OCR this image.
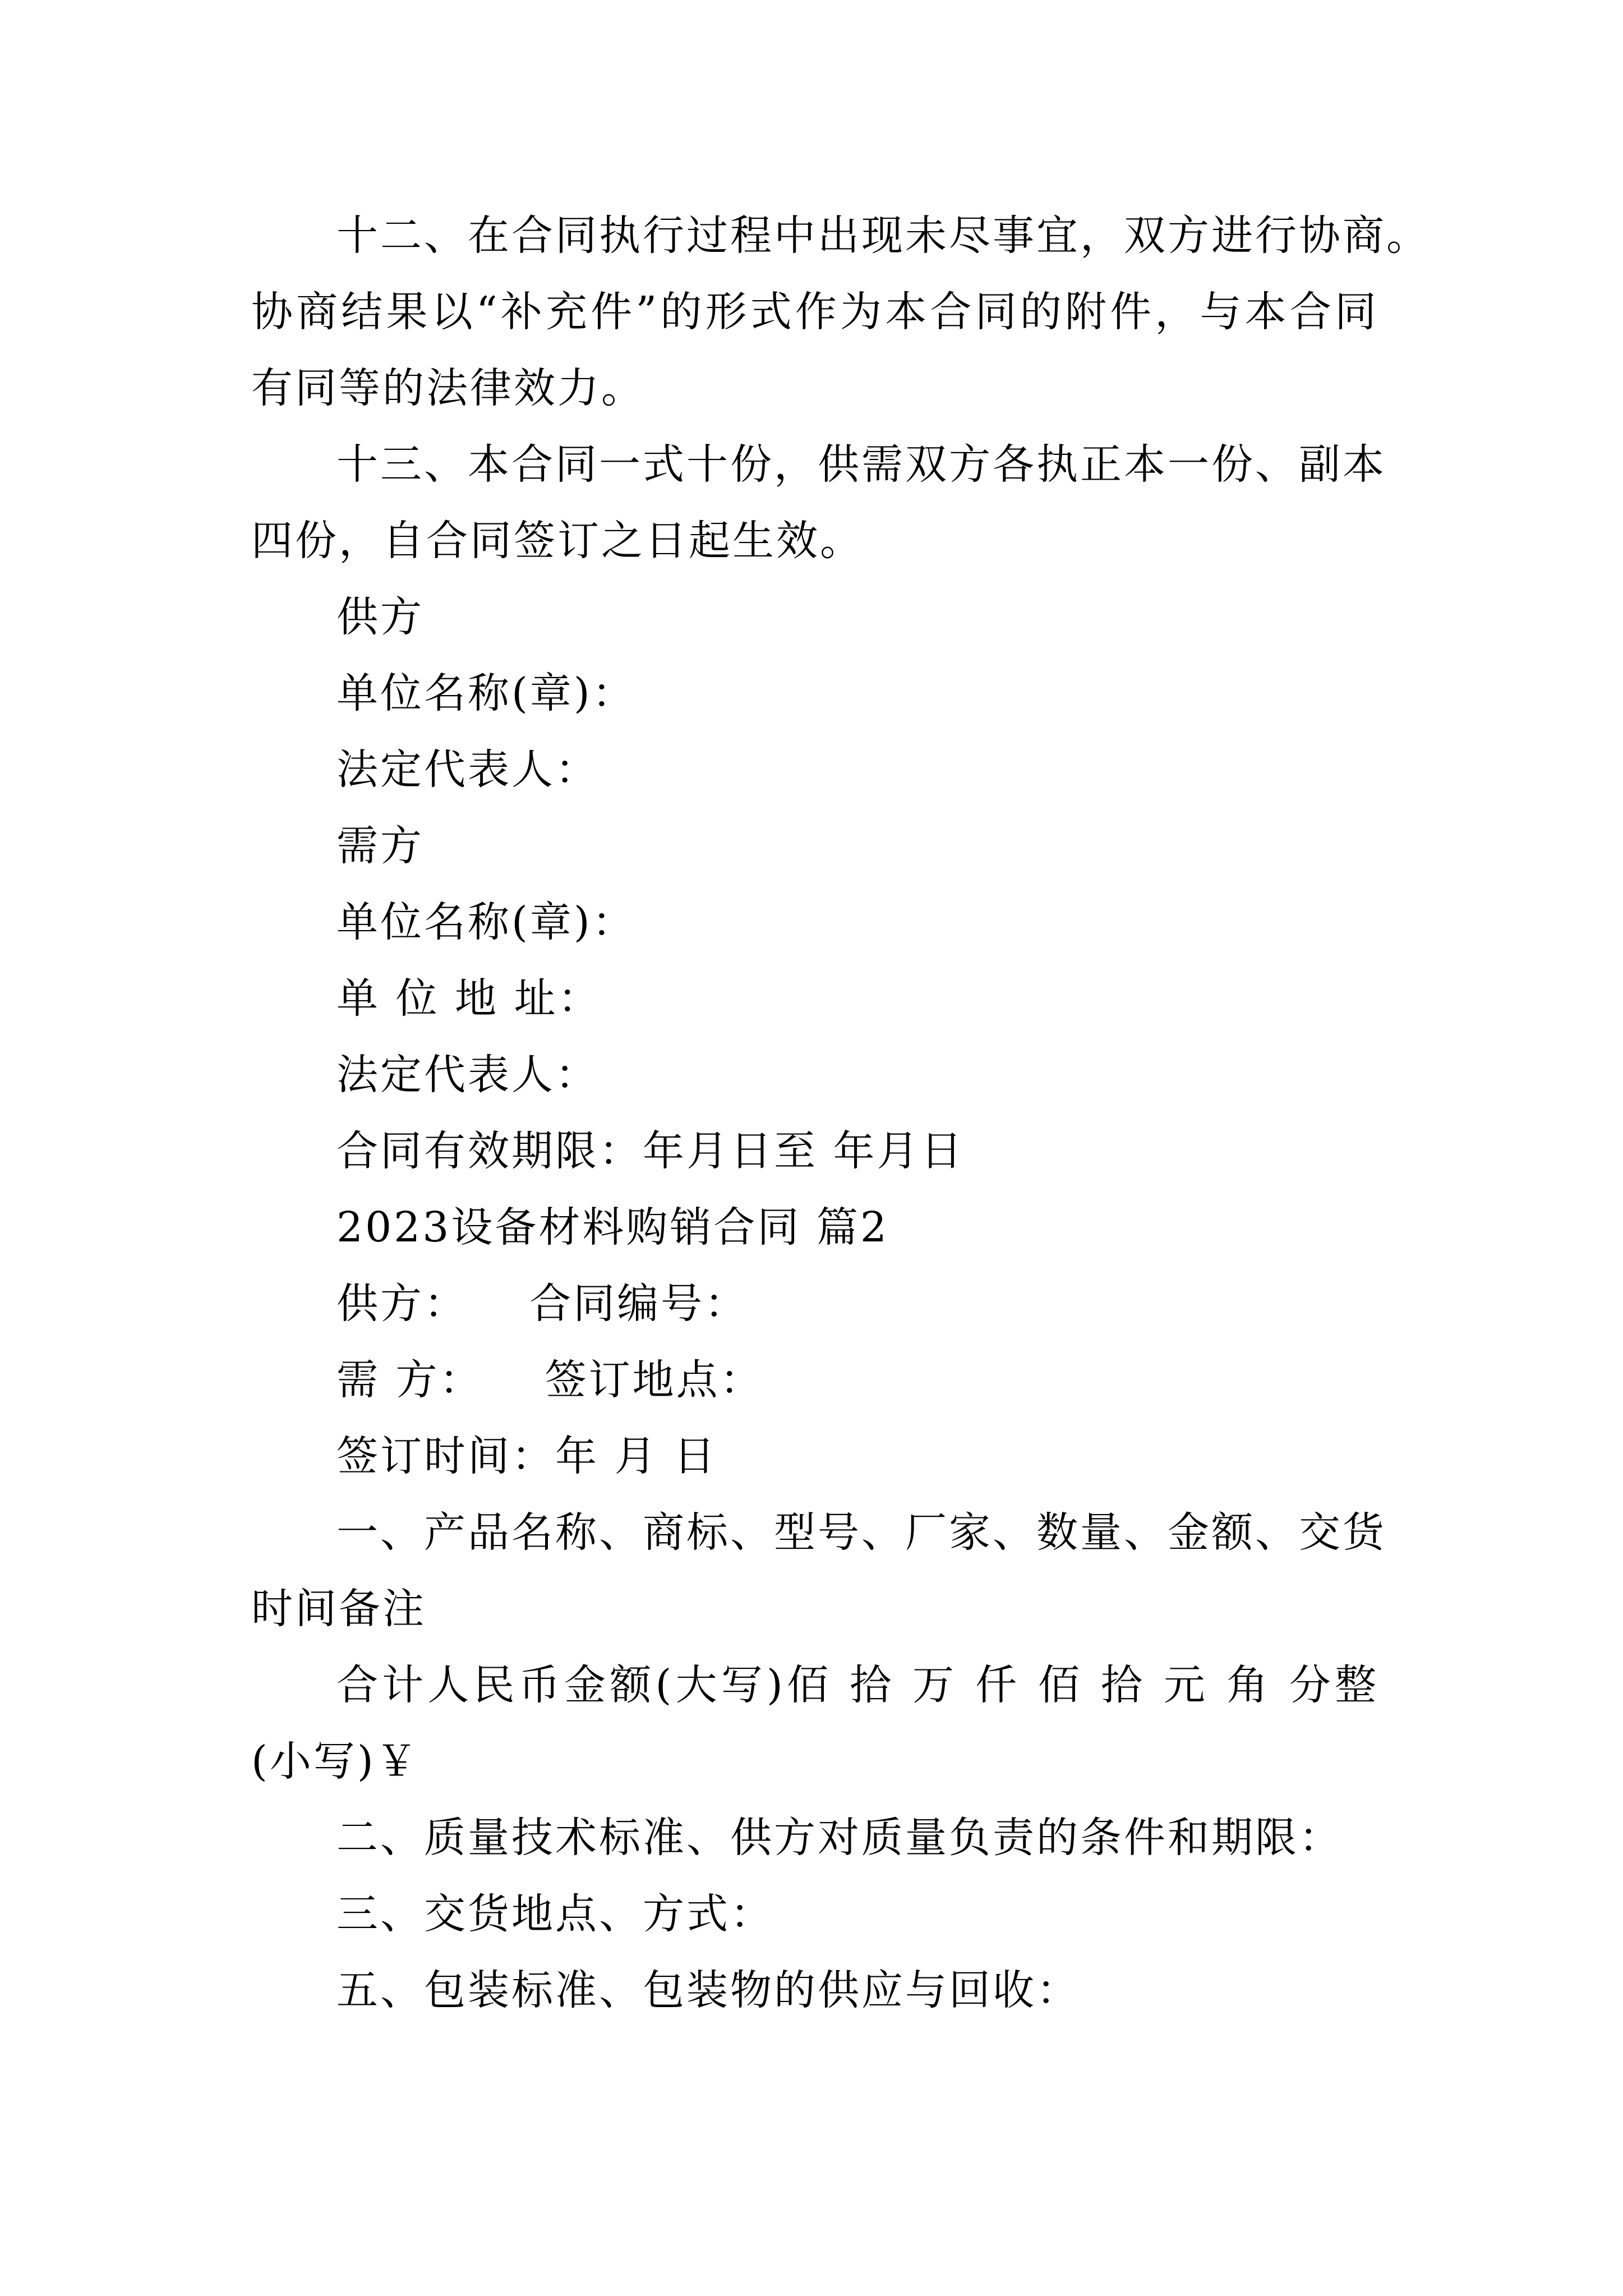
十二、在合同执行过程中出现未尽事宜，双方进行协商。
协商结果以“补充件”的形式作为本合同的附件，与本合同
有同等的法律效力。
十三、本合同一式十份，供需双方各执正本一份、副本
四份，自合同签订之日起生效。
供方
单位名称(章)：
法定代表人：
需方
单位名称(章)：
单 位 地 址：
法定代表人：
合同有效期限：年月日至 年月日
2023设备材料购销合同 篇2
供方：    合同编号：
需 方：    签订地点：
签订时间：年 月 日
一、产品名称、商标、型号、厂家、数量、金额、交货
时间备注
合计人民币金额(大写)佰 拾 万 仟 佰 拾 元 角 分整
(小写)￥
二、质量技术标准、供方对质量负责的条件和期限：
三、交货地点、方式：
五、包装标准、包装物的供应与回收：
